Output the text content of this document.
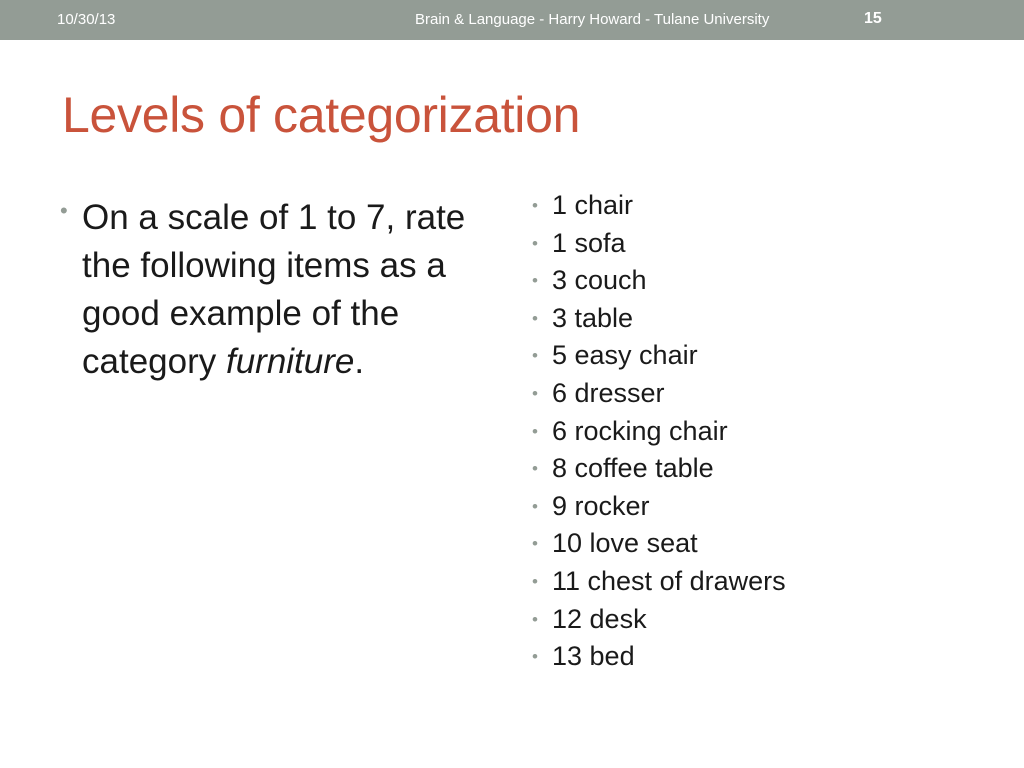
10/30/13	Brain & Language - Harry Howard - Tulane University	15
Levels of categorization
• On a scale of 1 to 7, rate the following items as a good example of the category furniture.
• 1 chair
• 1 sofa
• 3 couch
• 3 table
• 5 easy chair
• 6 dresser
• 6 rocking chair
• 8 coffee table
• 9 rocker
• 10 love seat
• 11 chest of drawers
• 12 desk
• 13 bed
